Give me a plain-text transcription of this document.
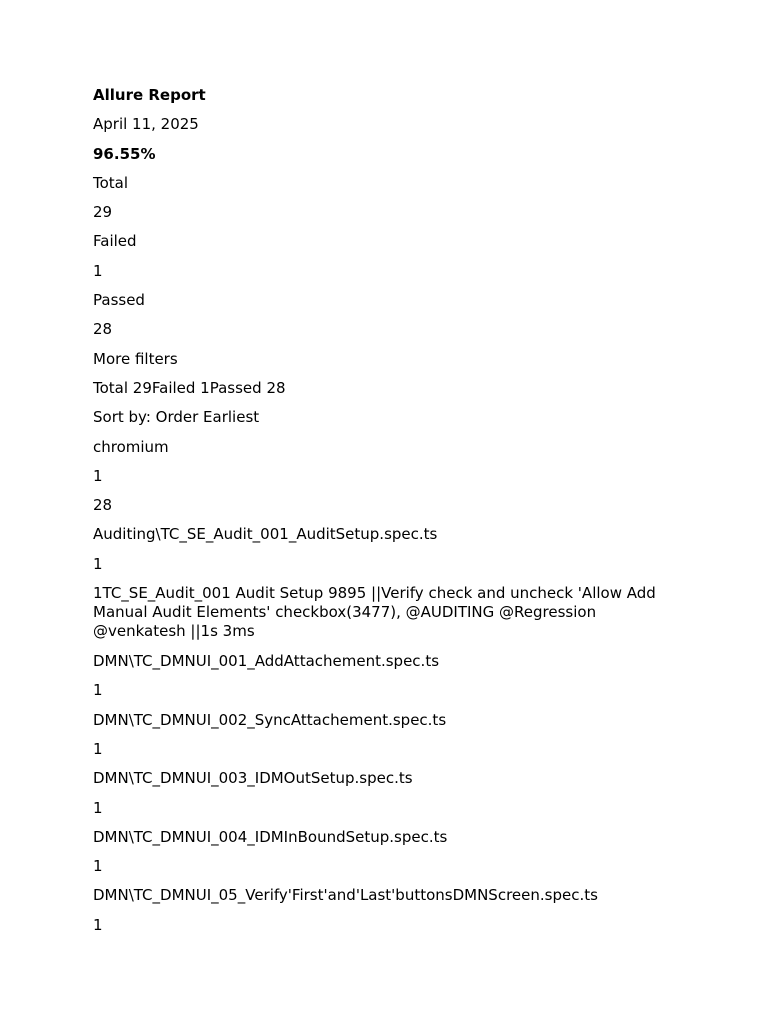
Allure Report
April 11, 2025
96.55%
Total
29
Failed
1
Passed
28
More filters
Total 29Failed 1Passed 28
Sort by: Order Earliest
chromium
1
28
Auditing\TC_SE_Audit_001_AuditSetup.spec.ts
1
1TC_SE_Audit_001 Audit Setup 9895 ||Verify check and uncheck 'Allow Add Manual Audit Elements' checkbox(3477), @AUDITING @Regression @venkatesh ||1s 3ms
DMN\TC_DMNUI_001_AddAttachement.spec.ts
1
DMN\TC_DMNUI_002_SyncAttachement.spec.ts
1
DMN\TC_DMNUI_003_IDMOutSetup.spec.ts
1
DMN\TC_DMNUI_004_IDMInBoundSetup.spec.ts
1
DMN\TC_DMNUI_05_Verify'First'and'Last'buttonsDMNScreen.spec.ts
1
